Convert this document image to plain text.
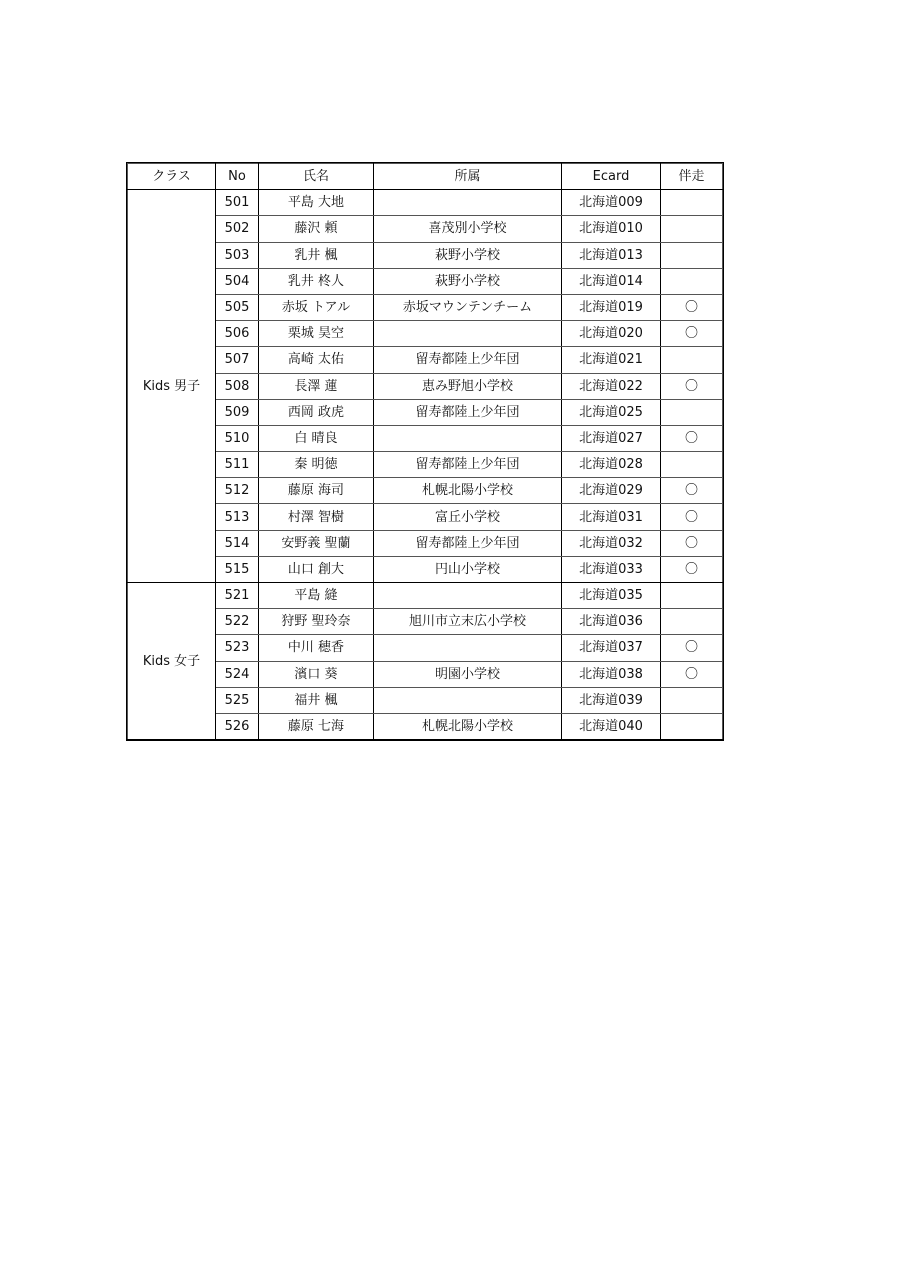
クラス	No	氏名	所属	Ecard	伴走
Kids 男子	501	平島 大地		北海道009	
	502	藤沢 頼	喜茂別小学校	北海道010	
	503	乳井 楓	萩野小学校	北海道013	
	504	乳井 柊人	萩野小学校	北海道014	
	505	赤坂 トアル	赤坂マウンテンチーム	北海道019	〇
	506	栗城 昊空		北海道020	〇
	507	高崎 太佑	留寿都陸上少年団	北海道021	
	508	長澤 蓮	恵み野旭小学校	北海道022	〇
	509	西岡 政虎	留寿都陸上少年団	北海道025	
	510	白 晴良		北海道027	〇
	511	秦 明徳	留寿都陸上少年団	北海道028	
	512	藤原 海司	札幌北陽小学校	北海道029	〇
	513	村澤 智樹	富丘小学校	北海道031	〇
	514	安野義 聖蘭	留寿都陸上少年団	北海道032	〇
	515	山口 創大	円山小学校	北海道033	〇
Kids 女子	521	平島 縫		北海道035	
	522	狩野 聖玲奈	旭川市立末広小学校	北海道036	
	523	中川 穂香		北海道037	〇
	524	濱口 葵	明園小学校	北海道038	〇
	525	福井 楓		北海道039	
	526	藤原 七海	札幌北陽小学校	北海道040	
